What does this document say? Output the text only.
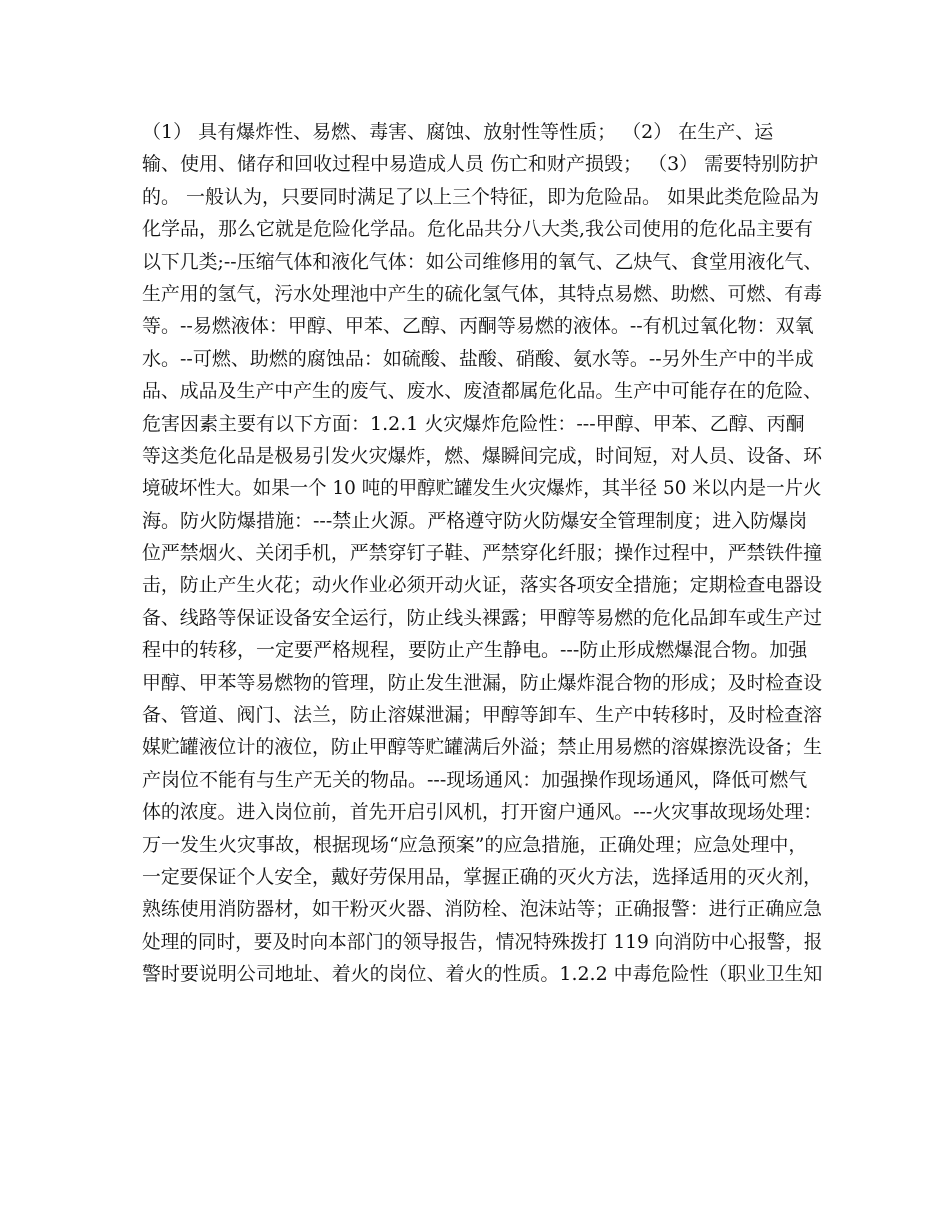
（1） 具有爆炸性、易燃、毒害、腐蚀、放射性等性质； （2） 在生产、运
输、使用、储存和回收过程中易造成人员 伤亡和财产损毁； （3） 需要特别防护
的。 一般认为，只要同时满足了以上三个特征，即为危险品。 如果此类危险品为
化学品，那么它就是危险化学品。危化品共分八大类,我公司使用的危化品主要有
以下几类;--压缩气体和液化气体：如公司维修用的氧气、乙炔气、食堂用液化气、
生产用的氢气，污水处理池中产生的硫化氢气体，其特点易燃、助燃、可燃、有毒
等。--易燃液体：甲醇、甲苯、乙醇、丙酮等易燃的液体。--有机过氧化物：双氧
水。--可燃、助燃的腐蚀品：如硫酸、盐酸、硝酸、氨水等。--另外生产中的半成
品、成品及生产中产生的废气、废水、废渣都属危化品。生产中可能存在的危险、
危害因素主要有以下方面：1.2.1 火灾爆炸危险性：---甲醇、甲苯、乙醇、丙酮
等这类危化品是极易引发火灾爆炸，燃、爆瞬间完成，时间短，对人员、设备、环
境破坏性大。如果一个 10 吨的甲醇贮罐发生火灾爆炸，其半径 50 米以内是一片火
海。防火防爆措施：---禁止火源。严格遵守防火防爆安全管理制度；进入防爆岗
位严禁烟火、关闭手机，严禁穿钉子鞋、严禁穿化纤服；操作过程中，严禁铁件撞
击，防止产生火花；动火作业必须开动火证，落实各项安全措施；定期检查电器设
备、线路等保证设备安全运行，防止线头裸露；甲醇等易燃的危化品卸车或生产过
程中的转移，一定要严格规程，要防止产生静电。---防止形成燃爆混合物。加强
甲醇、甲苯等易燃物的管理，防止发生泄漏，防止爆炸混合物的形成；及时检查设
备、管道、阀门、法兰，防止溶媒泄漏；甲醇等卸车、生产中转移时，及时检查溶
媒贮罐液位计的液位，防止甲醇等贮罐满后外溢；禁止用易燃的溶媒擦洗设备；生
产岗位不能有与生产无关的物品。---现场通风：加强操作现场通风，降低可燃气
体的浓度。进入岗位前，首先开启引风机，打开窗户通风。---火灾事故现场处理：
万一发生火灾事故，根据现场“应急预案”的应急措施，正确处理；应急处理中，
一定要保证个人安全，戴好劳保用品，掌握正确的灭火方法，选择适用的灭火剂，
熟练使用消防器材，如干粉灭火器、消防栓、泡沫站等；正确报警：进行正确应急
处理的同时，要及时向本部门的领导报告，情况特殊拨打 119 向消防中心报警，报
警时要说明公司地址、着火的岗位、着火的性质。1.2.2 中毒危险性（职业卫生知
